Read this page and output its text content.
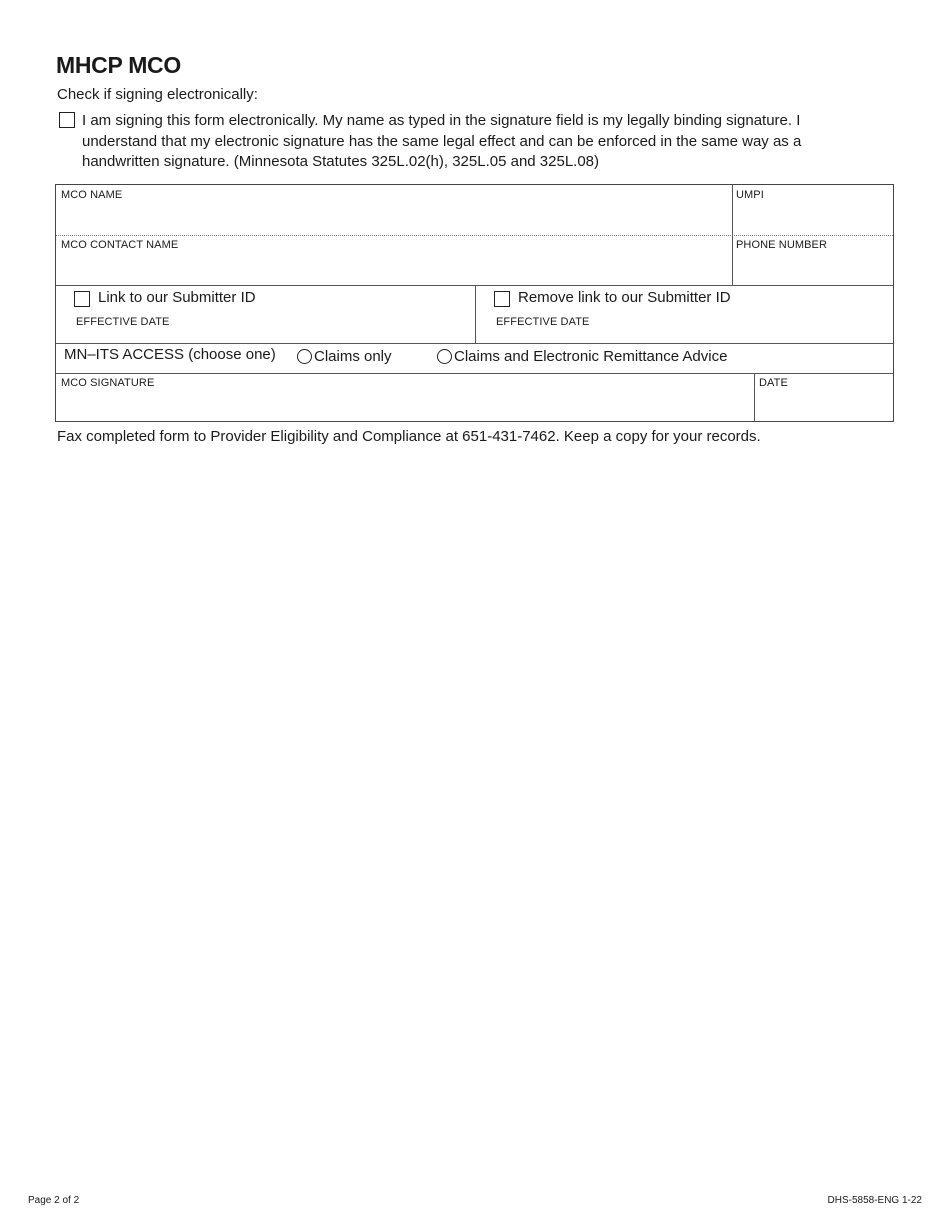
MHCP MCO
Check if signing electronically:
I am signing this form electronically. My name as typed in the signature field is my legally binding signature. I understand that my electronic signature has the same legal effect and can be enforced in the same way as a handwritten signature. (Minnesota Statutes 325L.02(h), 325L.05 and 325L.08)
MCO NAME	UMPI
MCO CONTACT NAME	PHONE NUMBER
Link to our Submitter ID
EFFECTIVE DATE
Remove link to our Submitter ID
EFFECTIVE DATE
MN–ITS ACCESS (choose one)	Claims only	Claims and Electronic Remittance Advice
MCO SIGNATURE	DATE
Fax completed form to Provider Eligibility and Compliance at 651-431-7462. Keep a copy for your records.
Page 2 of 2	DHS-5858-ENG 1-22
